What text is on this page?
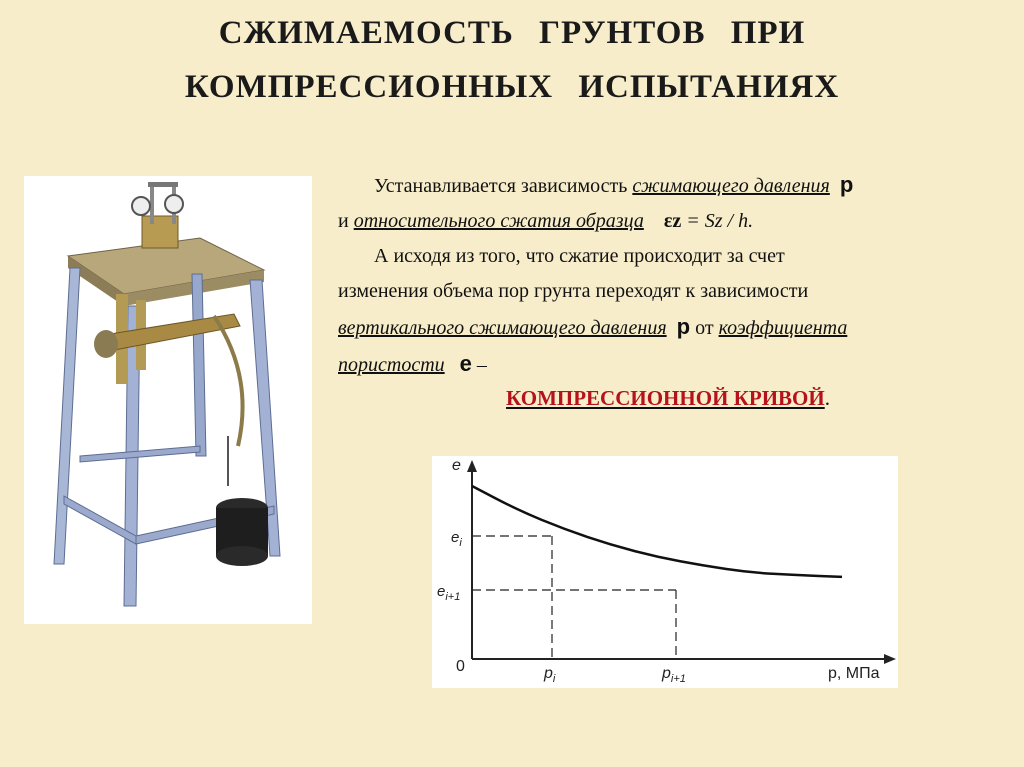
СЖИМАЕМОСТЬ ГРУНТОВ ПРИ
КОМПРЕССИОННЫХ ИСПЫТАНИЯХ

Устанавливается зависимость сжимающего давления p

и относительного сжатия образца εz = Sz / h.

А исходя из того, что сжатие происходит за счет

изменения объема пор грунта переходят к зависимости

вертикального сжимающего давления p от коэффициента

пористости e –

КОМПРЕССИОННОЙ КРИВОЙ.
e
0	p, МПа
$e_i$
$e_{i+1}$
$p_i$	$p_{i+1}$
